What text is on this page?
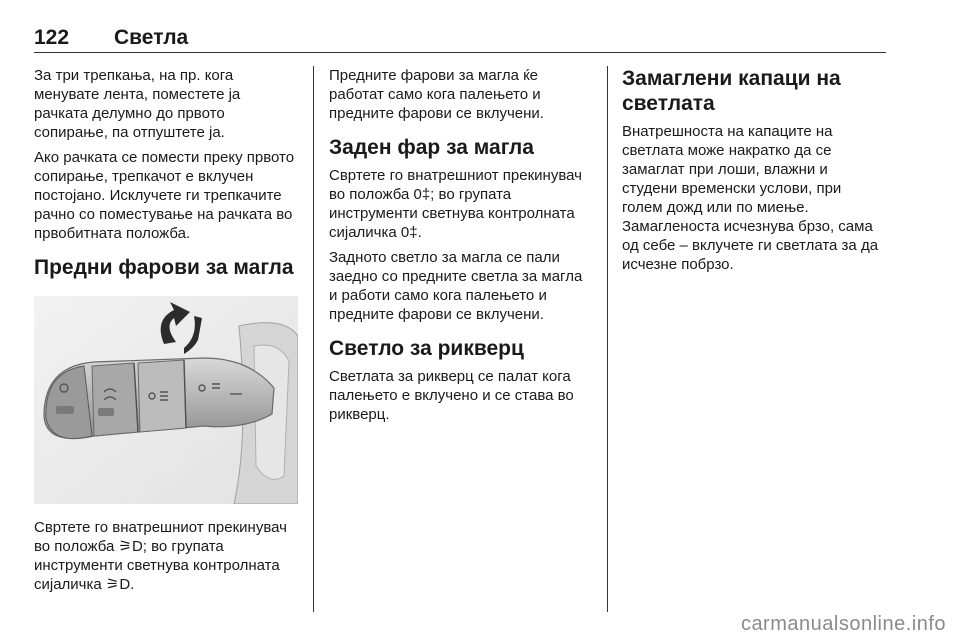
122 Светла

За три трепкања, на пр. кога менувате лента, поместете ја рачката делумно до првото сопирање, па отпуштете ја.

Ако рачката се помести преку првото сопирање, трепкачот е вклучен постојано. Исклучете ги трепкачите рачно со поместување на рачката во првобитната положба.

Предни фарови за магла

Свртете го внатрешниот прекинувач во положба ⚞D; во групата инструменти светнува контролната сијаличка ⚞D.

Предните фарови за магла ќе работат само кога палењето и предните фарови се вклучени.

Заден фар за магла

Свртете го внатрешниот прекинувач во положба 0‡; во групата инструменти светнува контролната сијаличка 0‡.

Задното светло за магла се пали заедно со предните светла за магла и работи само кога палењето и предните фарови се вклучени.

Светло за рикверц

Светлата за рикверц се палат кога палењето е вклучено и се става во рикверц.

Замаглени капаци на светлата

Внатрешноста на капаците на светлата може накратко да се замаглат при лоши, влажни и студени временски услови, при голем дожд или по миење. Замагленоста исчезнува брзо, сама од себе – вклучете ги светлата за да исчезне побрзо.

carmanualsonline.info
